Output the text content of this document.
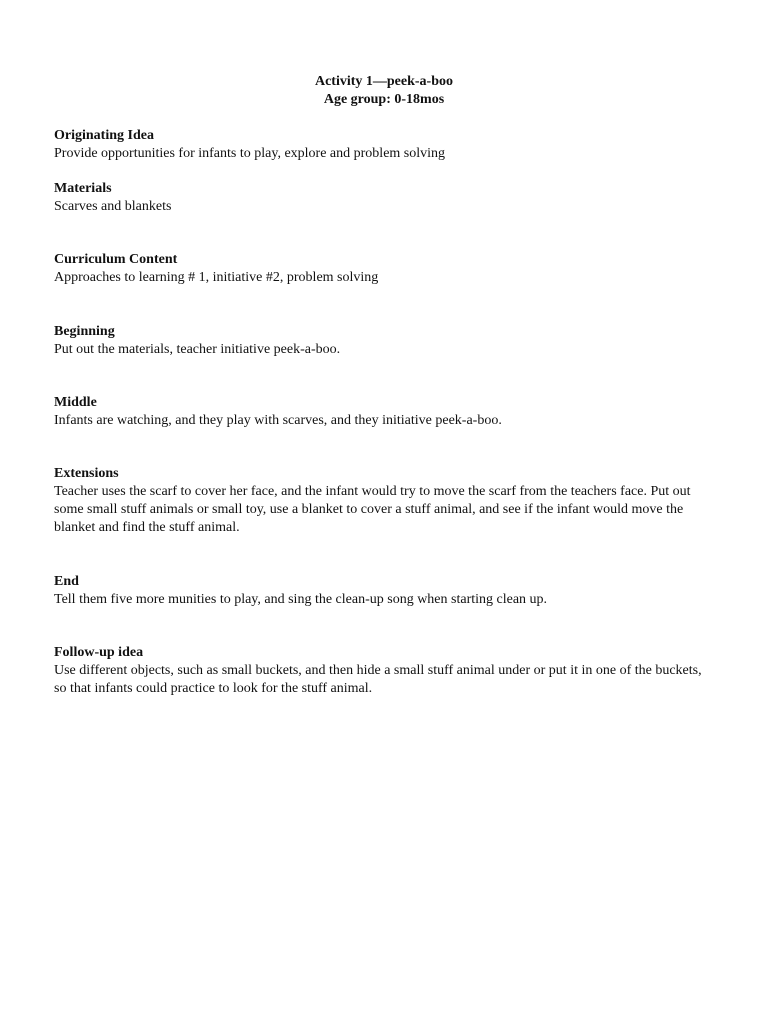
Activity 1—peek-a-boo
Age group: 0-18mos
Originating Idea

Provide opportunities for infants to play, explore and problem solving

Materials

Scarves and blankets

Curriculum Content

Approaches to learning # 1, initiative #2, problem solving

Beginning

Put out the materials, teacher initiative peek-a-boo.

Middle

Infants are watching, and they play with scarves, and they initiative peek-a-boo.

Extensions

Teacher uses the scarf to cover her face, and the infant would try to move the scarf from the teachers face. Put out some small stuff animals or small toy, use a blanket to cover a stuff animal, and see if the infant would move the blanket and find the stuff animal.

End

Tell them five more munities to play, and sing the clean-up song when starting clean up.

Follow-up idea

Use different objects, such as small buckets, and then hide a small stuff animal under or put it in one of the buckets, so that infants could practice to look for the stuff animal.
